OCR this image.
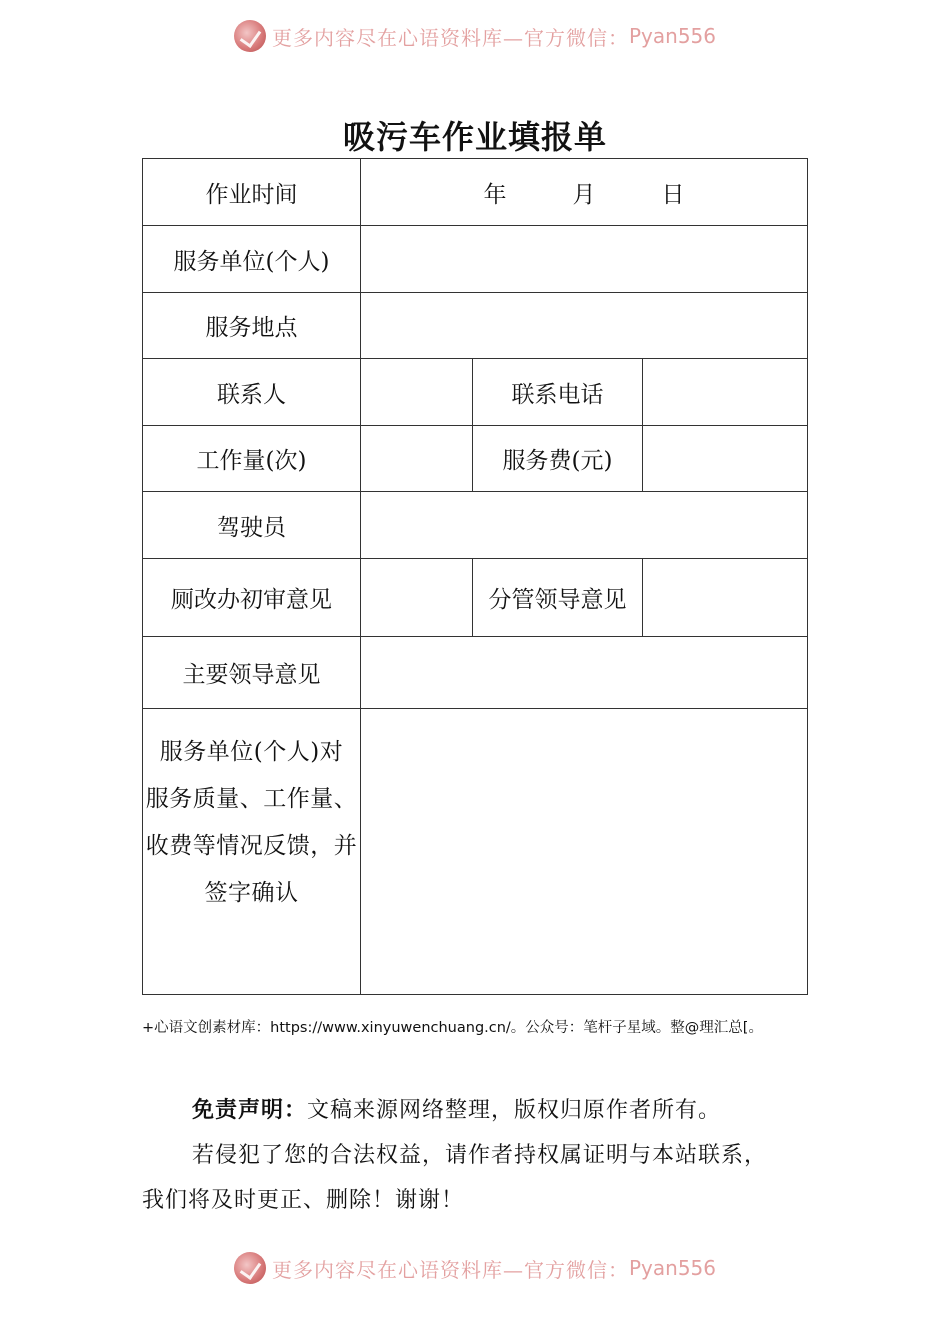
更多内容尽在心语资料库—官方微信： Pyan556
吸污车作业填报单
作业时间	年 月 日		
服务单位(个人)			
服务地点			
联系人		联系电话	
工作量(次)		服务费(元)	
驾驶员			
厕改办初审意见		分管领导意见	
主要领导意见			

服务单位(个人)对
服务质量、工作量、
收费等情况反馈，并
签字确认			

+心语文创素材库：https://www.xinyuwenchuang.cn/。公众号：笔杆子星域。整@理汇总[。
免责声明：文稿来源网络整理，版权归原作者所有。
若侵犯了您的合法权益，请作者持权属证明与本站联系，
我们将及时更正、删除！谢谢！
更多内容尽在心语资料库—官方微信： Pyan556
